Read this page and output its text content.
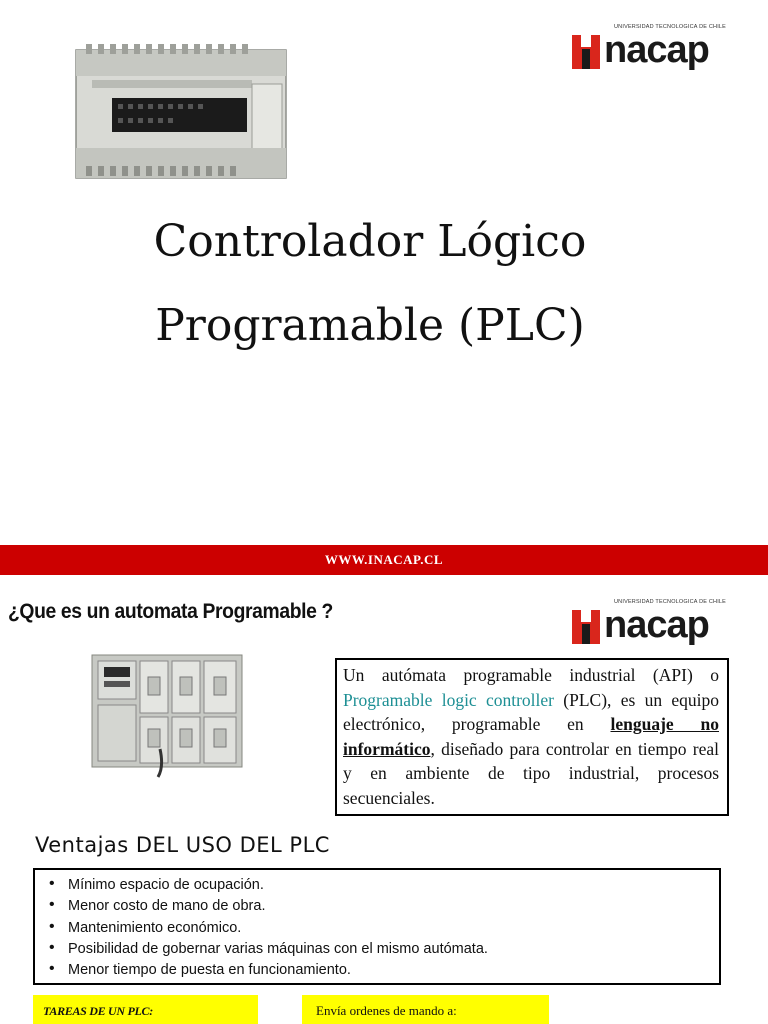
UNIVERSIDAD TECNOLOGICA DE CHILE
nacap
Controlador Lógico
Programable (PLC)
WWW.INACAP.CL
¿Que es un automata Programable ?	UNIVERSIDAD TECNOLOGICA DE CHILE
nacap
Un autómata programable industrial (API) o Programable logic controller (PLC), es un equipo electrónico, programable en lenguaje no informático, diseñado para controlar en tiempo real y en ambiente de tipo industrial, procesos secuenciales.
Ventajas DEL USO DEL PLC
• Mínimo espacio de ocupación.
• Menor costo de mano de obra.
• Mantenimiento económico.
• Posibilidad de gobernar varias máquinas con el mismo autómata.
• Menor tiempo de puesta en funcionamiento.
TAREAS DE UN PLC:	Envía ordenes de mando a:
